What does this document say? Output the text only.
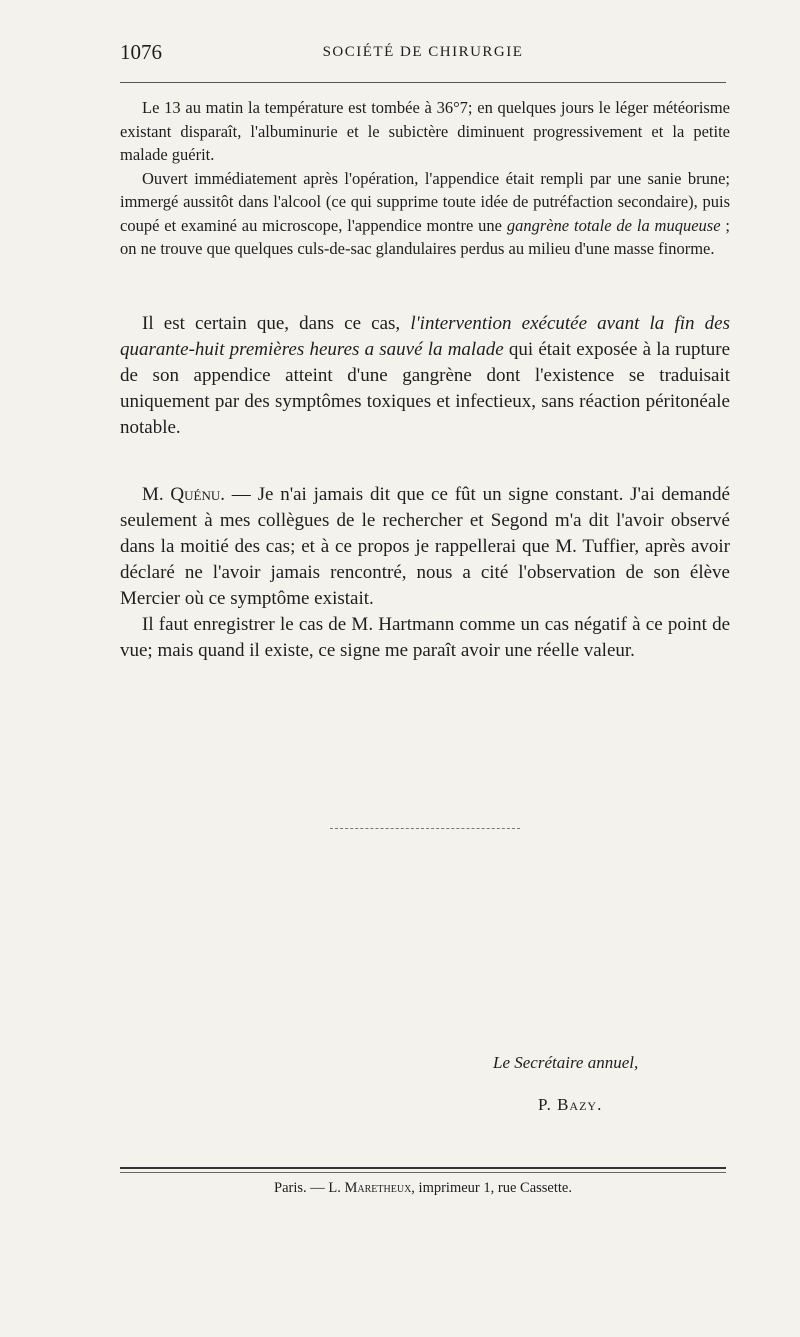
1076	SOCIÉTÉ DE CHIRURGIE

Le 13 au matin la température est tombée à 36°7; en quelques jours le léger météorisme existant disparaît, l'albuminurie et le subictère diminuent progressivement et la petite malade guérit.

Ouvert immédiatement après l'opération, l'appendice était rempli par une sanie brune; immergé aussitôt dans l'alcool (ce qui supprime toute idée de putréfaction secondaire), puis coupé et examiné au microscope, l'appendice montre une gangrène totale de la muqueuse ; on ne trouve que quelques culs-de-sac glandulaires perdus au milieu d'une masse finorme.

Il est certain que, dans ce cas, l'intervention exécutée avant la fin des quarante-huit premières heures a sauvé la malade qui était exposée à la rupture de son appendice atteint d'une gangrène dont l'existence se traduisait uniquement par des symptômes toxiques et infectieux, sans réaction péritonéale notable.

M. Quénu. — Je n'ai jamais dit que ce fût un signe constant. J'ai demandé seulement à mes collègues de le rechercher et Segond m'a dit l'avoir observé dans la moitié des cas; et à ce propos je rappellerai que M. Tuffier, après avoir déclaré ne l'avoir jamais rencontré, nous a cité l'observation de son élève Mercier où ce symptôme existait.

Il faut enregistrer le cas de M. Hartmann comme un cas négatif à ce point de vue; mais quand il existe, ce signe me paraît avoir une réelle valeur.

Le Secrétaire annuel,
P. Bazy.
Paris. — L. Maretheux, imprimeur 1, rue Cassette.
